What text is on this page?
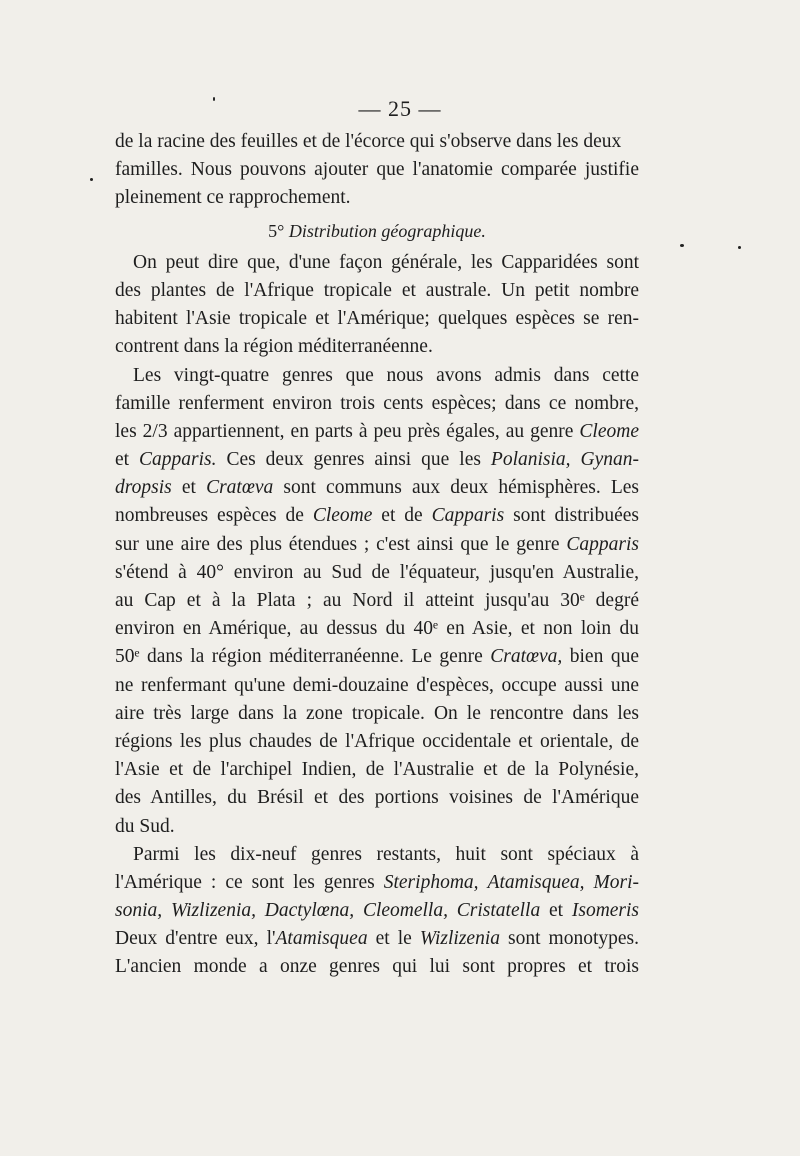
— 25 —
de la racine des feuilles et de l'écorce qui s'observe dans les deux
familles. Nous pouvons ajouter que l'anatomie comparée justifie
pleinement ce rapprochement.
5° Distribution géographique.
On peut dire que, d'une façon générale, les Capparidées sont
des plantes de l'Afrique tropicale et australe. Un petit nombre
habitent l'Asie tropicale et l'Amérique; quelques espèces se ren-
contrent dans la région méditerranéenne.
Les vingt-quatre genres que nous avons admis dans cette
famille renferment environ trois cents espèces; dans ce nombre,
les 2/3 appartiennent, en parts à peu près égales, au genre Cleome
et Capparis. Ces deux genres ainsi que les Polanisia, Gynan-
dropsis et Cratœva sont communs aux deux hémisphères. Les
nombreuses espèces de Cleome et de Capparis sont distribuées
sur une aire des plus étendues ; c'est ainsi que le genre Capparis
s'étend à 40° environ au Sud de l'équateur, jusqu'en Australie,
au Cap et à la Plata ; au Nord il atteint jusqu'au 30ᵉ degré
environ en Amérique, au dessus du 40ᵉ en Asie, et non loin du
50ᵉ dans la région méditerranéenne. Le genre Cratœva, bien que
ne renfermant qu'une demi-douzaine d'espèces, occupe aussi une
aire très large dans la zone tropicale. On le rencontre dans les
régions les plus chaudes de l'Afrique occidentale et orientale, de
l'Asie et de l'archipel Indien, de l'Australie et de la Polynésie,
des Antilles, du Brésil et des portions voisines de l'Amérique
du Sud.
Parmi les dix-neuf genres restants, huit sont spéciaux à
l'Amérique : ce sont les genres Steriphoma, Atamisquea, Mori-
sonia, Wizlizenia, Dactylœna, Cleomella, Cristatella et Isomeris
Deux d'entre eux, l'Atamisquea et le Wizlizenia sont monotypes.
L'ancien monde a onze genres qui lui sont propres et trois
